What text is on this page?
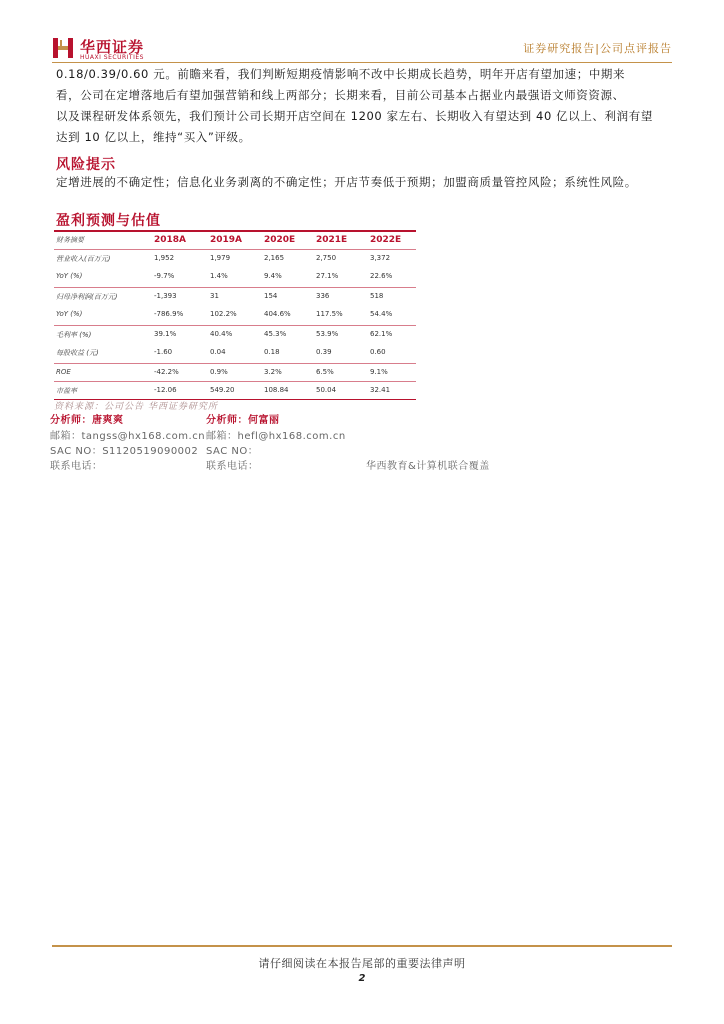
华西证券
HUAXI SECURITIES
证券研究报告|公司点评报告
0.18/0.39/0.60 元。前瞻来看，我们判断短期疫情影响不改中长期成长趋势，明年开店有望加速；中期来
看，公司在定增落地后有望加强营销和线上两部分；长期来看，目前公司基本占据业内最强语文师资资源、
以及课程研发体系领先，我们预计公司长期开店空间在 1200 家左右、长期收入有望达到 40 亿以上、利润有望
达到 10 亿以上，维持“买入”评级。
风险提示
定增进展的不确定性；信息化业务剥离的不确定性；开店节奏低于预期；加盟商质量管控风险；系统性风险。
盈利预测与估值
财务摘要	2018A	2019A 2020E 2021E	2022E
营业收入(百万元)	1,952	1,979	2,165	2,750	3,372
YoY (%)	-9.7%	1.4%	9.4%	27.1%	22.6%
归母净利润(百万元)	-1,393	31	154	336	518
YoY (%)	-786.9%	102.2%	404.6%	117.5%	54.4%
毛利率 (%)	39.1%	40.4%	45.3%	53.9%	62.1%
每股收益 (元)	-1.60	0.04	0.18	0.39	0.60
ROE	-42.2%	0.9%	3.2%	6.5%	9.1%
市盈率	-12.06	549.20	108.84	50.04	32.41
资料来源：公司公告 华西证券研究所
分析师：唐爽爽
邮箱：tangss@hx168.com.cn
SAC NO：S1120519090002
联系电话：
分析师：何富丽
邮箱：hefl@hx168.com.cn
SAC NO：
联系电话：	华西教育&计算机联合覆盖
请仔细阅读在本报告尾部的重要法律声明
2
